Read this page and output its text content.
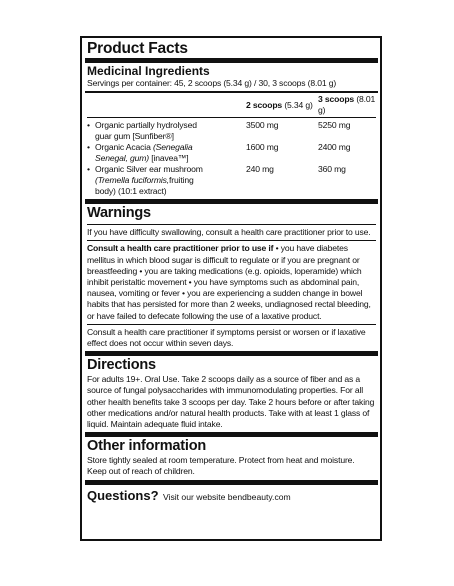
Product Facts
Medicinal Ingredients
Servings per container: 45, 2 scoops (5.34 g) / 30, 3 scoops (8.01 g)
		2 scoops (5.34 g)	3 scoops (8.01 g)

•	Organic partially hydrolysed
guar gum [Sunfiber®]	3500 mg	5250 mg
•	Organic Acacia (Senegalia
Senegal, gum) [inavea™]	1600 mg	2400 mg
•	Organic Silver ear mushroom
(Tremella fuciformis,fruiting
body) (10:1 extract)	240 mg	360 mg
Warnings

If you have difficulty swallowing, consult a health care practitioner prior to use.

Consult a health care practitioner prior to use if • you have diabetes mellitus in which blood sugar is difficult to regulate or if you are pregnant or breastfeeding • you are taking medications (e.g. opioids, loperamide) which inhibit peristaltic movement • you have symptoms such as abdominal pain, nausea, vomiting or fever • you are experiencing a sudden change in bowel habits that has persisted for more than 2 weeks, undiagnosed rectal bleeding, or have failed to defecate following the use of a laxative product.

Consult a health care practitioner if symptoms persist or worsen or if laxative effect does not occur within seven days.

Directions

For adults 19+. Oral Use. Take 2 scoops daily as a source of fiber and as a source of fungal polysaccharides with immunomodulating properties. For all other health benefits take 3 scoops per day. Take 2 hours before or after taking other medications and/or natural health products. Take with at least 1 glass of liquid. Maintain adequate fluid intake.

Other information

Store tightly sealed at room temperature. Protect from heat and moisture. Keep out of reach of children.

Questions? Visit our website bendbeauty.com
